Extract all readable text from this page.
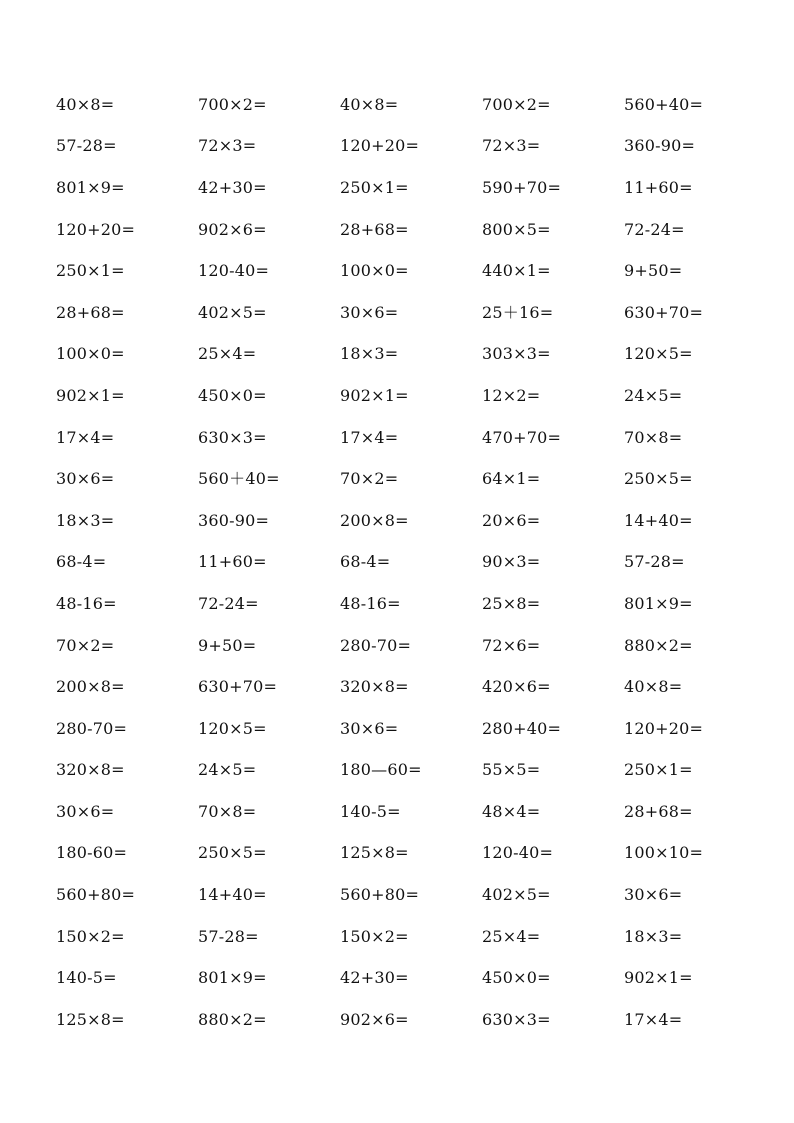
40×8=	700×2=	40×8=	700×2=	560+40=
57-28=	72×3=	120+20=	72×3=	360-90=
801×9=	42+30=	250×1=	590+70=	11+60=
120+20=	902×6=	28+68=	800×5=	72-24=
250×1=	120-40=	100×0=	440×1=	9+50=
28+68=	402×5=	30×6=	25＋16=	630+70=
100×0=	25×4=	18×3=	303×3=	120×5=
902×1=	450×0=	902×1=	12×2=	24×5=
17×4=	630×3=	17×4=	470+70=	70×8=
30×6=	560＋40=	70×2=	64×1=	250×5=
18×3=	360-90=	200×8=	20×6=	14+40=
68-4=	11+60=	68-4=	90×3=	57-28=
48-16=	72-24=	48-16=	25×8=	801×9=
70×2=	9+50=	280-70=	72×6=	880×2=
200×8=	630+70=	320×8=	420×6=	40×8=
280-70=	120×5=	30×6=	280+40=	120+20=
320×8=	24×5=	180—60=	55×5=	250×1=
30×6=	70×8=	140-5=	48×4=	28+68=
180-60=	250×5=	125×8=	120-40=	100×10=
560+80=	14+40=	560+80=	402×5=	30×6=
150×2=	57-28=	150×2=	25×4=	18×3=
140-5=	801×9=	42+30=	450×0=	902×1=
125×8=	880×2=	902×6=	630×3=	17×4=
